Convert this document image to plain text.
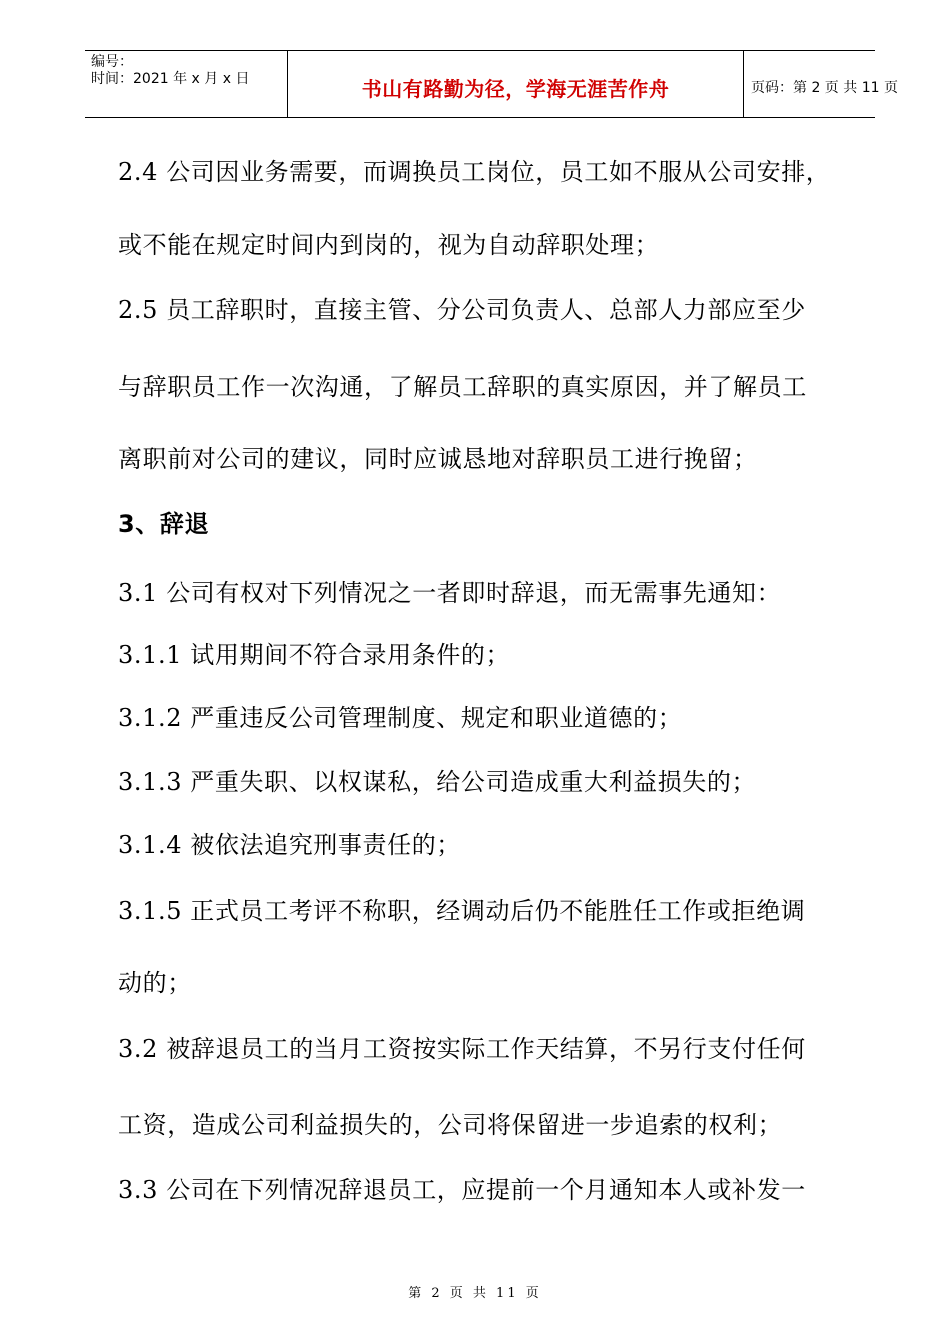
编号：
时间：2021 年 x 月 x 日	书山有路勤为径，学海无涯苦作舟	页码：第 2 页 共 11 页
2.4 公司因业务需要，而调换员工岗位，员工如不服从公司安排，
或不能在规定时间内到岗的，视为自动辞职处理；
2.5 员工辞职时，直接主管、分公司负责人、总部人力部应至少
与辞职员工作一次沟通，了解员工辞职的真实原因，并了解员工
离职前对公司的建议，同时应诚恳地对辞职员工进行挽留；
3、辞退
3.1 公司有权对下列情况之一者即时辞退，而无需事先通知：
3.1.1 试用期间不符合录用条件的；
3.1.2 严重违反公司管理制度、规定和职业道德的；
3.1.3 严重失职、以权谋私，给公司造成重大利益损失的；
3.1.4 被依法追究刑事责任的；
3.1.5 正式员工考评不称职，经调动后仍不能胜任工作或拒绝调
动的；
3.2 被辞退员工的当月工资按实际工作天结算，不另行支付任何
工资，造成公司利益损失的，公司将保留进一步追索的权利；
3.3 公司在下列情况辞退员工，应提前一个月通知本人或补发一
第 2 页 共 11 页
